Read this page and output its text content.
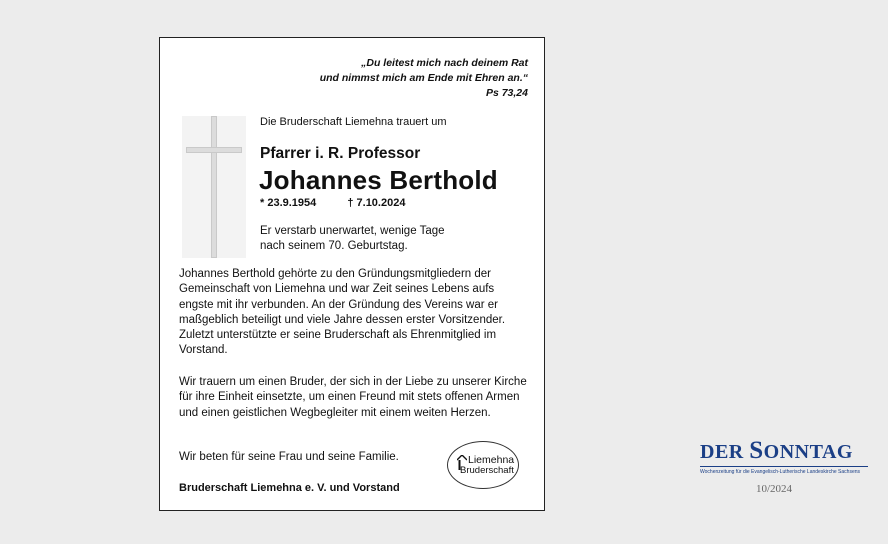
„Du leitest mich nach deinem Rat
und nimmst mich am Ende mit Ehren an.“

Ps 73,24
Die Bruderschaft Liemehna trauert um
Pfarrer i. R. Professor
Johannes Berthold
* 23.9.1954	† 7.10.2024
Er verstarb unerwartet, wenige Tage
nach seinem 70. Geburtstag.
Johannes Berthold gehörte zu den Gründungsmitgliedern der Gemeinschaft von Liemehna und war Zeit seines Lebens aufs engste mit ihr verbunden. An der Gründung des Vereins war er maßgeblich beteiligt und viele Jahre dessen erster Vorsitzender. Zuletzt unterstützte er seine Bruderschaft als Ehrenmitglied im Vorstand.
Wir trauern um einen Bruder, der sich in der Liebe zu unserer Kirche für ihre Einheit einsetzte, um einen Freund mit stets offenen Armen und einen geistlichen Wegbegleiter mit einem weiten Herzen.
Wir beten für seine Frau und seine Familie.
Bruderschaft Liemehna e. V. und Vorstand
Liemehna
Bruderschaft
DER SONNTAG
Wochenzeitung für die Evangelisch-Lutherische Landeskirche Sachsens
10/2024
